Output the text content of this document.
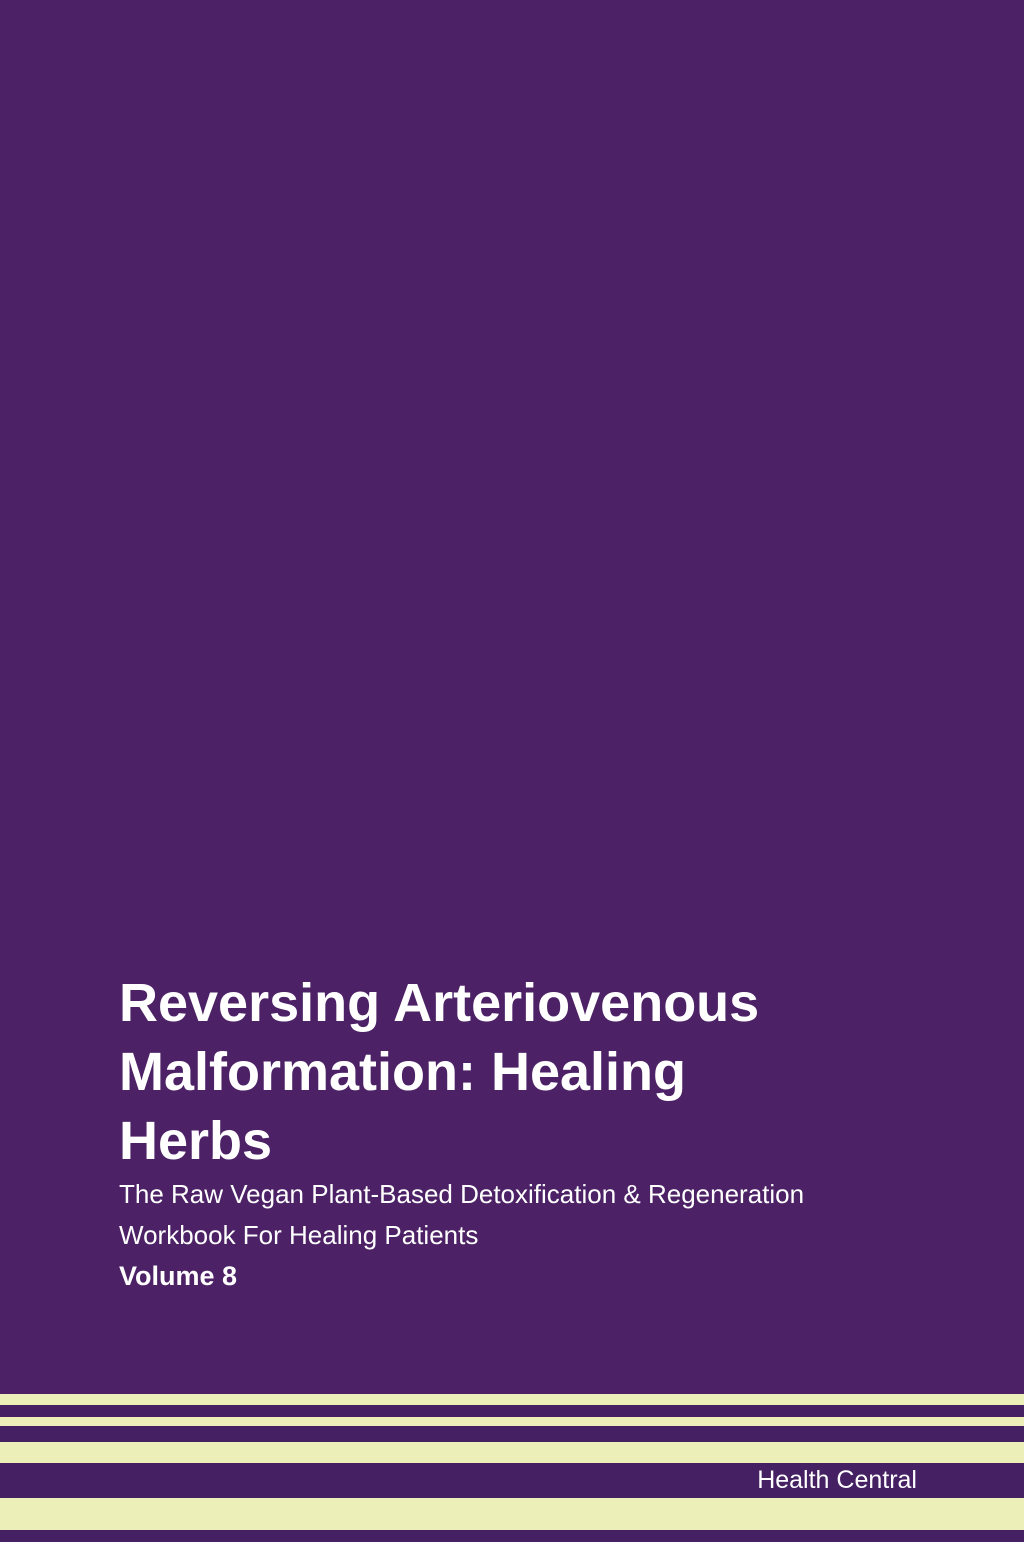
Reversing Arteriovenous Malformation: Healing Herbs

The Raw Vegan Plant-Based Detoxification & Regeneration Workbook For Healing Patients

Volume 8

Health Central
